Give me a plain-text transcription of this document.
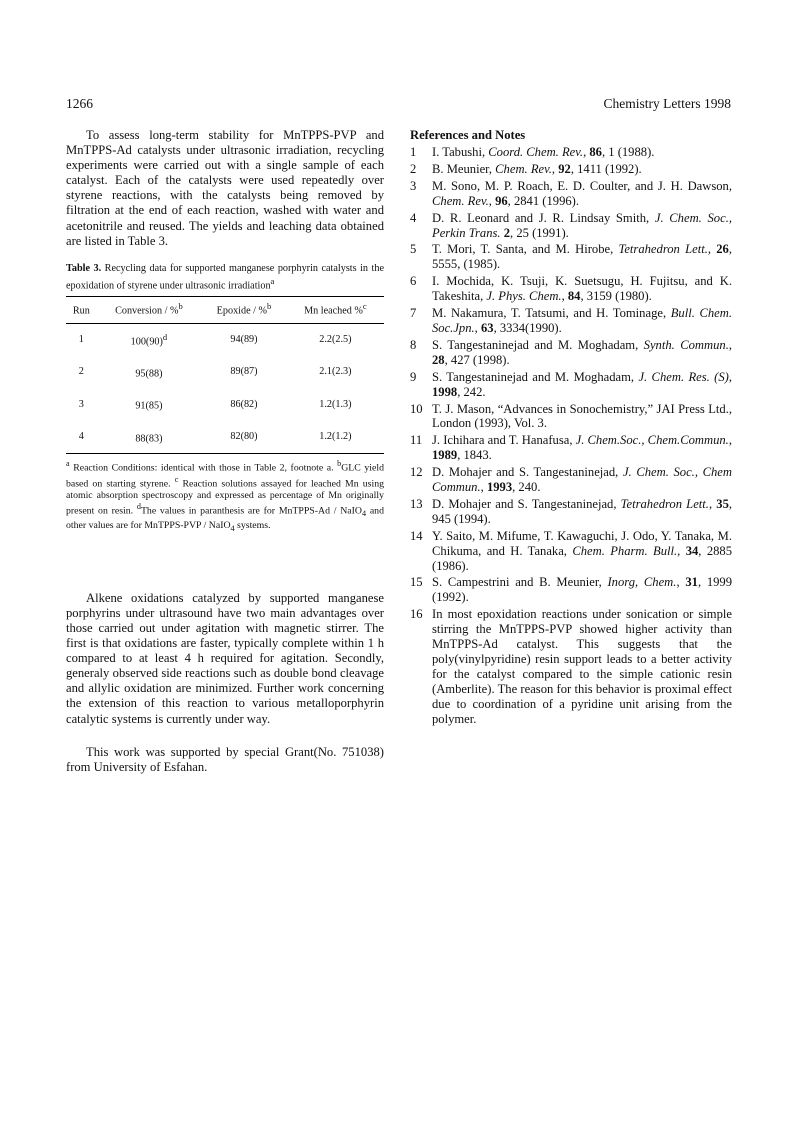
1266	Chemistry Letters 1998

To assess long-term stability for MnTPPS-PVP and MnTPPS-Ad catalysts under ultrasonic irradiation, recycling experiments were carried out with a single sample of each catalyst. Each of the catalysts were used repeatedly over styrene reactions, with the catalysts being removed by filtration at the end of each reaction, washed with water and acetonitrile and reused. The yields and leaching data obtained are listed in Table 3.

Table 3. Recycling data for supported manganese porphyrin catalysts in the epoxidation of styrene under ultrasonic irradiation$^a$
Run	Conversion / %$^b$	Epoxide / %$^b$	Mn leached %$^c$
1	$100(90)^d$	94(89)	2.2(2.5)
2	95(88)	89(87)	2.1(2.3)
3	91(85)	86(82)	1.2(1.3)
4	88(83)	82(80)	1.2(1.2)
$^a$ Reaction Conditions: identical with those in Table 2, footnote a. $^b$GLC yield based on starting styrene. $^c$ Reaction solutions assayed for leached Mn using atomic absorption spectroscopy and expressed as percentage of Mn originally present on resin. $^d$The values in paranthesis are for MnTPPS-Ad / NaIO$_4$ and other values are for MnTPPS-PVP / NaIO$_4$ systems.

Alkene oxidations catalyzed by supported manganese porphyrins under ultrasound have two main advantages over those carried out under agitation with magnetic stirrer. The first is that oxidations are faster, typically complete within 1 h compared to at least 4 h required for agitation. Secondly, generaly observed side reactions such as double bond cleavage and allylic oxidation are minimized. Further work concerning the extension of this reaction to various metalloporphyrin catalytic systems is currently under way.

This work was supported by special Grant(No. 751038) from University of Esfahan.

References and Notes
1	I. Tabushi, Coord. Chem. Rev., 86, 1 (1988).
2	B. Meunier, Chem. Rev., 92, 1411 (1992).
3	M. Sono, M. P. Roach, E. D. Coulter, and J. H. Dawson, Chem. Rev., 96, 2841 (1996).
4	D. R. Leonard and J. R. Lindsay Smith, J. Chem. Soc., Perkin Trans. 2, 25 (1991).
5	T. Mori, T. Santa, and M. Hirobe, Tetrahedron Lett., 26, 5555, (1985).
6	I. Mochida, K. Tsuji, K. Suetsugu, H. Fujitsu, and K. Takeshita, J. Phys. Chem., 84, 3159 (1980).
7	M. Nakamura, T. Tatsumi, and H. Tominage, Bull. Chem. Soc.Jpn., 63, 3334(1990).
8	S. Tangestaninejad and M. Moghadam, Synth. Commun., 28, 427 (1998).
9	S. Tangestaninejad and M. Moghadam, J. Chem. Res. (S), 1998, 242.
10 T. J. Mason, “Advances in Sonochemistry,” JAI Press Ltd., London (1993), Vol. 3.
11 J. Ichihara and T. Hanafusa, J. Chem.Soc., Chem.Commun., 1989, 1843.
12 D. Mohajer and S. Tangestaninejad, J. Chem. Soc., Chem Commun., 1993, 240.
13 D. Mohajer and S. Tangestaninejad, Tetrahedron Lett., 35, 945 (1994).
14 Y. Saito, M. Mifume, T. Kawaguchi, J. Odo, Y. Tanaka, M. Chikuma, and H. Tanaka, Chem. Pharm. Bull., 34, 2885 (1986).
15 S. Campestrini and B. Meunier, Inorg, Chem., 31, 1999 (1992).
16 In most epoxidation reactions under sonication or simple stirring the MnTPPS-PVP showed higher activity than MnTPPS-Ad catalyst. This suggests that the poly(vinylpyridine) resin support leads to a better activity for the catalyst compared to the simple cationic resin (Amberlite). The reason for this behavior is proximal effect due to coordination of a pyridine unit arising from the polymer.
